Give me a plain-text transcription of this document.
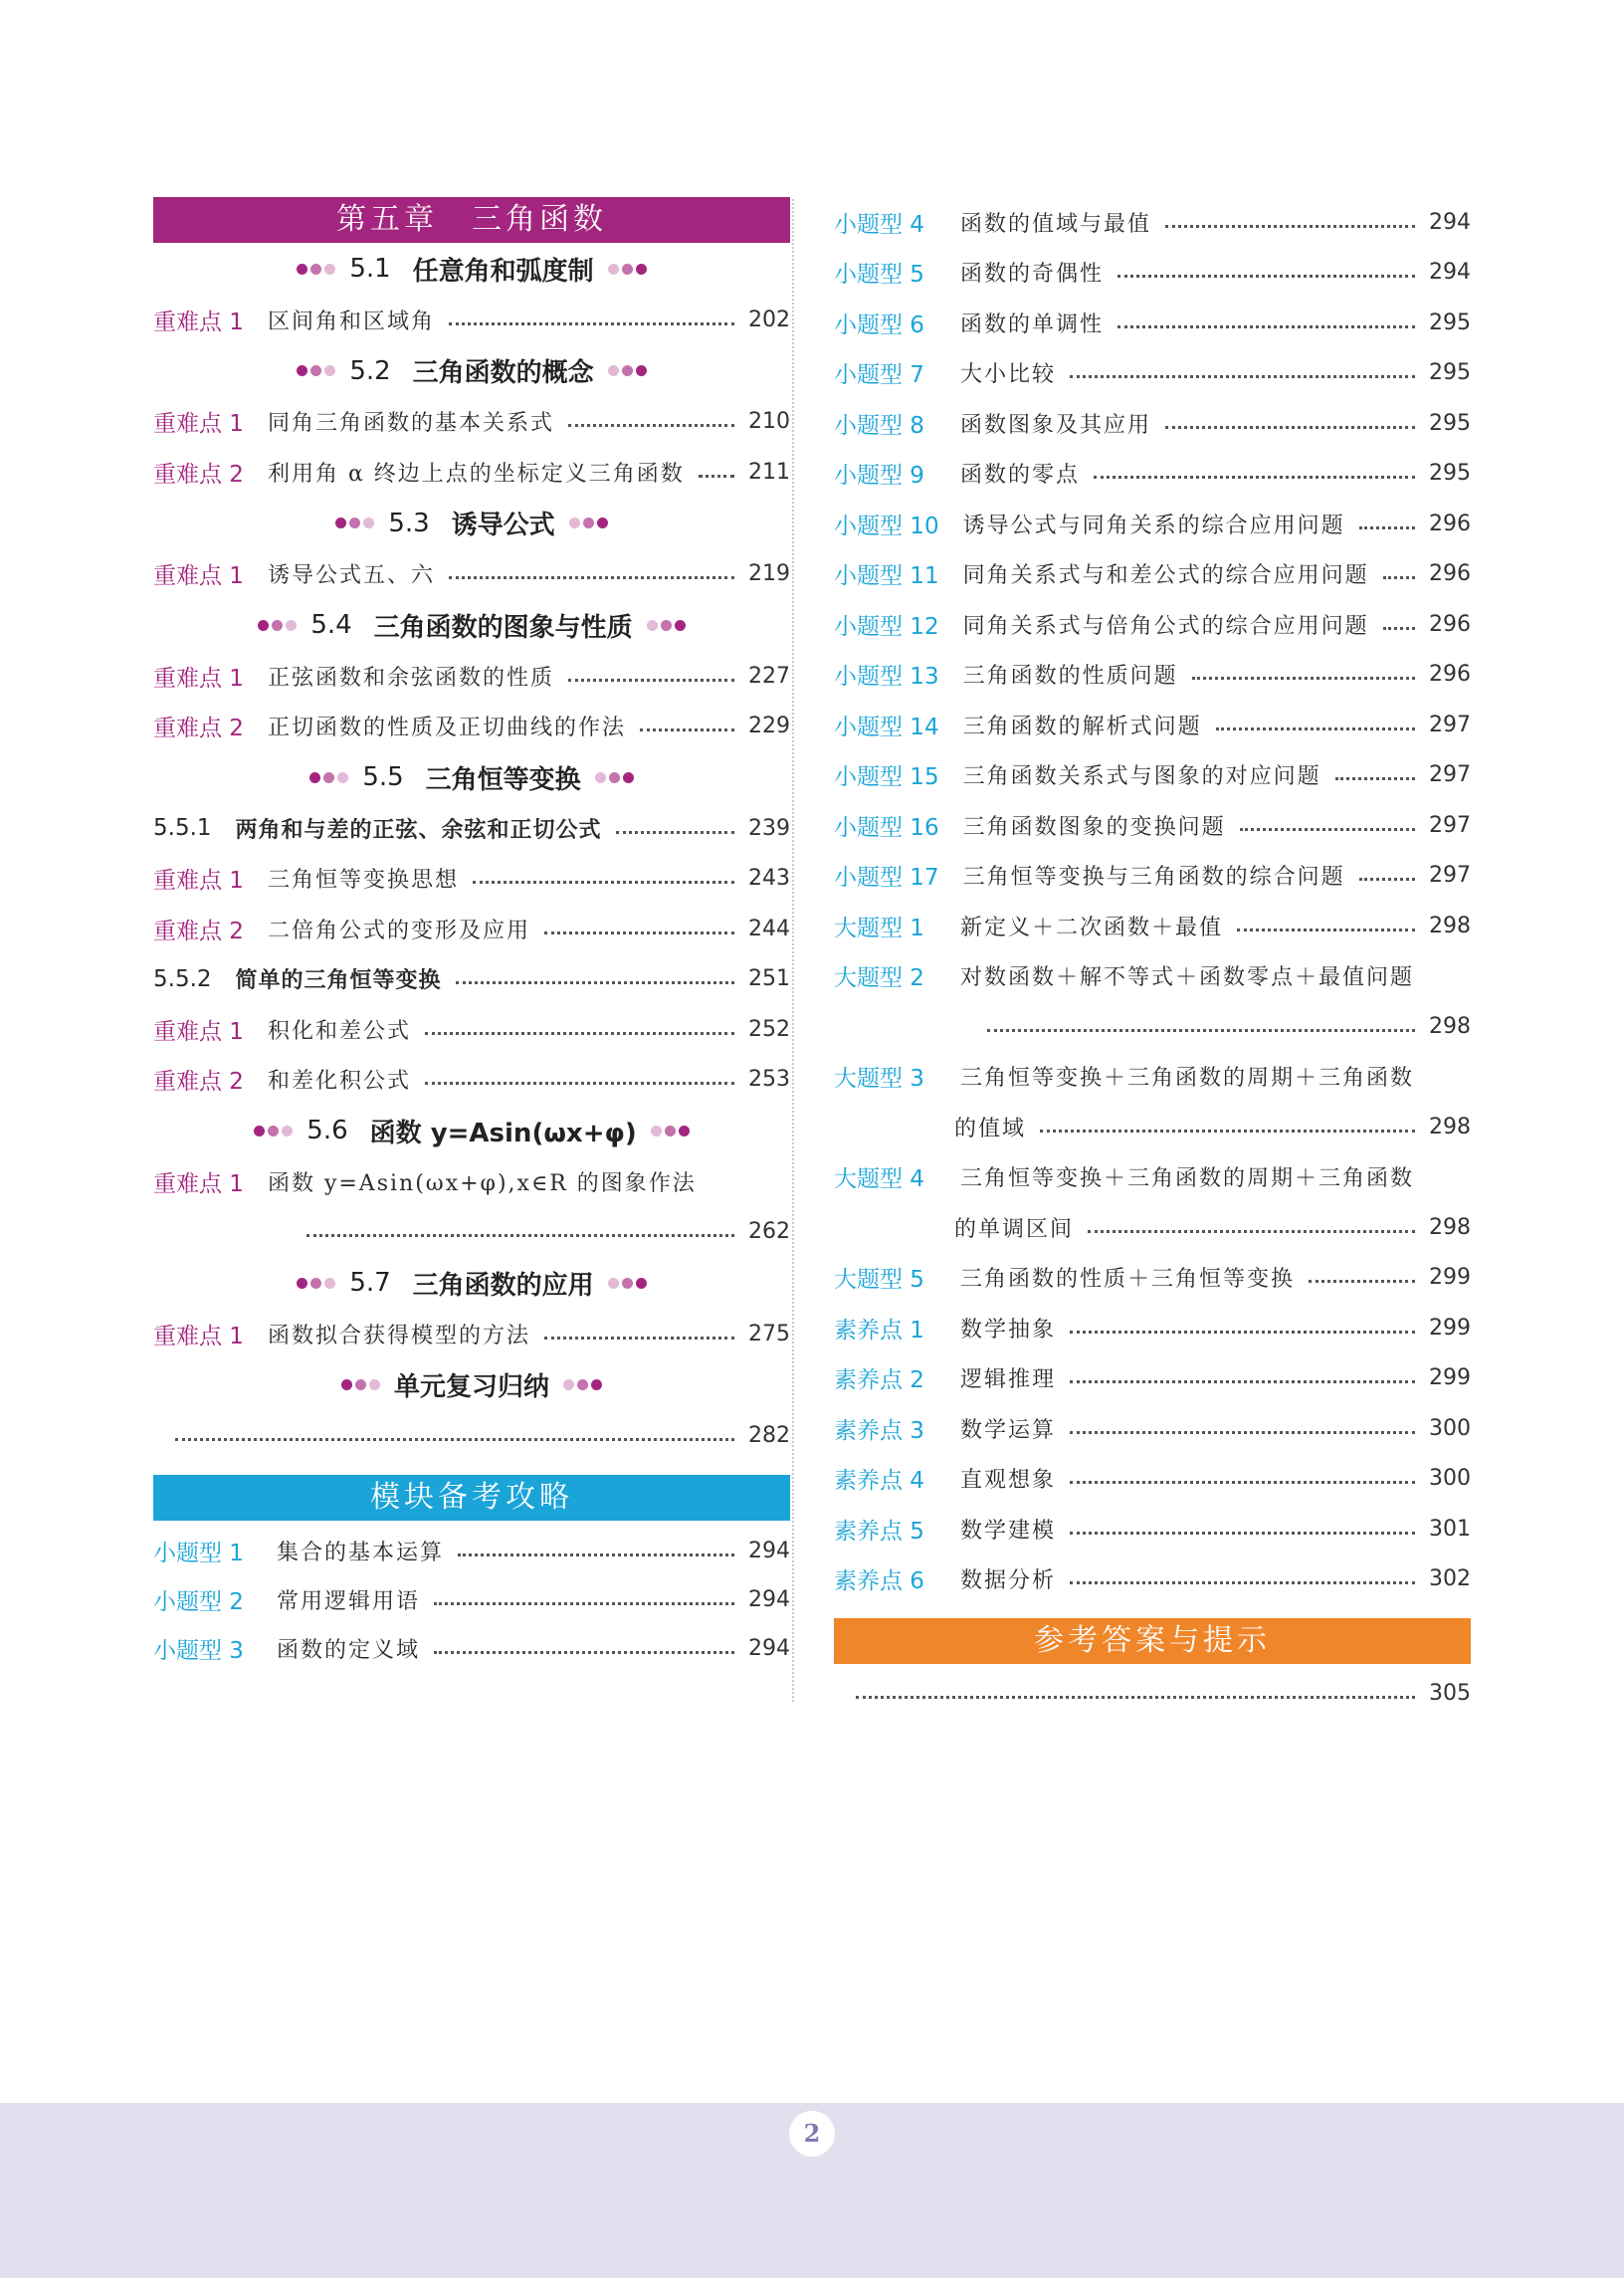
第五章　三角函数
5.1 任意角和弧度制
重难点 1 区间角和区域角	202
5.2 三角函数的概念
重难点 1 同角三角函数的基本关系式	210
重难点 2 利用角 α 终边上点的坐标定义三角函数	211
5.3 诱导公式
重难点 1 诱导公式五、六	219
5.4 三角函数的图象与性质
重难点 1 正弦函数和余弦函数的性质	227
重难点 2 正切函数的性质及正切曲线的作法	229
5.5 三角恒等变换
5.5.1 两角和与差的正弦、余弦和正切公式	239
重难点 1 三角恒等变换思想	243
重难点 2 二倍角公式的变形及应用	244
5.5.2 简单的三角恒等变换	251
重难点 1 积化和差公式	252
重难点 2 和差化积公式	253
5.6 函数 y=Asin(ωx+φ)
重难点 1 函数 y=Asin(ωx+φ),x∈R 的图象作法
262
5.7 三角函数的应用
重难点 1 函数拟合获得模型的方法	275
单元复习归纳
282
模块备考攻略
小题型 1	集合的基本运算	294
小题型 2	常用逻辑用语	294
小题型 3	函数的定义域	294
小题型 4	函数的值域与最值	294
小题型 5	函数的奇偶性	294
小题型 6	函数的单调性	295
小题型 7	大小比较	295
小题型 8	函数图象及其应用	295
小题型 9	函数的零点	295
小题型 10 诱导公式与同角关系的综合应用问题	296
小题型 11 同角关系式与和差公式的综合应用问题	296
小题型 12 同角关系式与倍角公式的综合应用问题	296
小题型 13 三角函数的性质问题	296
小题型 14 三角函数的解析式问题	297
小题型 15 三角函数关系式与图象的对应问题	297
小题型 16 三角函数图象的变换问题	297
小题型 17 三角恒等变换与三角函数的综合问题	297
大题型 1	新定义＋二次函数＋最值	298
大题型 2	对数函数＋解不等式＋函数零点＋最值问题
298
大题型 3	三角恒等变换＋三角函数的周期＋三角函数
的值域	298
大题型 4	三角恒等变换＋三角函数的周期＋三角函数
的单调区间	298
大题型 5	三角函数的性质＋三角恒等变换	299
素养点 1	数学抽象	299
素养点 2	逻辑推理	299
素养点 3	数学运算	300
素养点 4	直观想象	300
素养点 5	数学建模	301
素养点 6	数据分析	302
参考答案与提示
305
2
